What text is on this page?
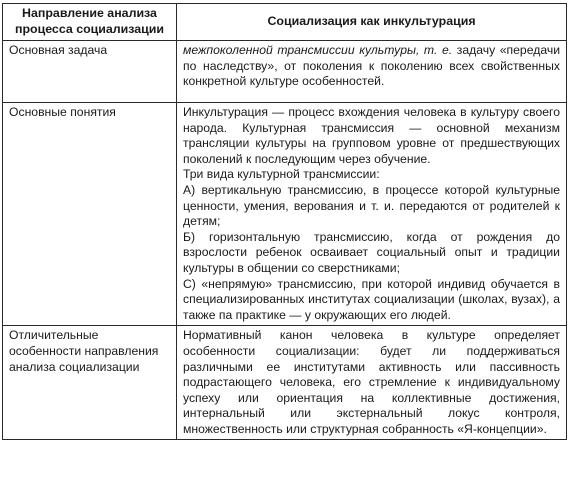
Направление анализа процесса социализации	Социализация как инкультурация
Основная задача	межпоколенной трансмиссии культуры, т. е. задачу «передачи по наследству», от поколения к поколению всех свойственных конкретной культуре особенностей.
Основные понятия	Инкультурация — процесс вхождения человека в культуру своего народа. Культурная трансмиссия — основной механизм трансляции культуры на групповом уровне от предшествующих поколений к последующим через обучение.
Три вида культурной трансмиссии:
А) вертикальную трансмиссию, в процессе которой культурные ценности, умения, верования и т. и. передаются от родителей к детям;
Б) горизонтальную трансмиссию, когда от рождения до взрослости ребенок осваивает социальный опыт и традиции культуры в общении со сверстниками;
С) «непрямую» трансмиссию, при которой индивид обучается в специализированных институтах социализации (школах, вузах), а также па практике — у окружающих его людей.

Отличительные особенности направления анализа социализации	Нормативный канон человека в культуре определяет особенности социализации: будет ли поддерживаться различными ее институтами активность или пассивность подрастающего человека, его стремление к индивидуальному успеху или ориентация на коллективные достижения, интернальный или экстернальный локус контроля, множественность или структурная собранность «Я-концепции».
